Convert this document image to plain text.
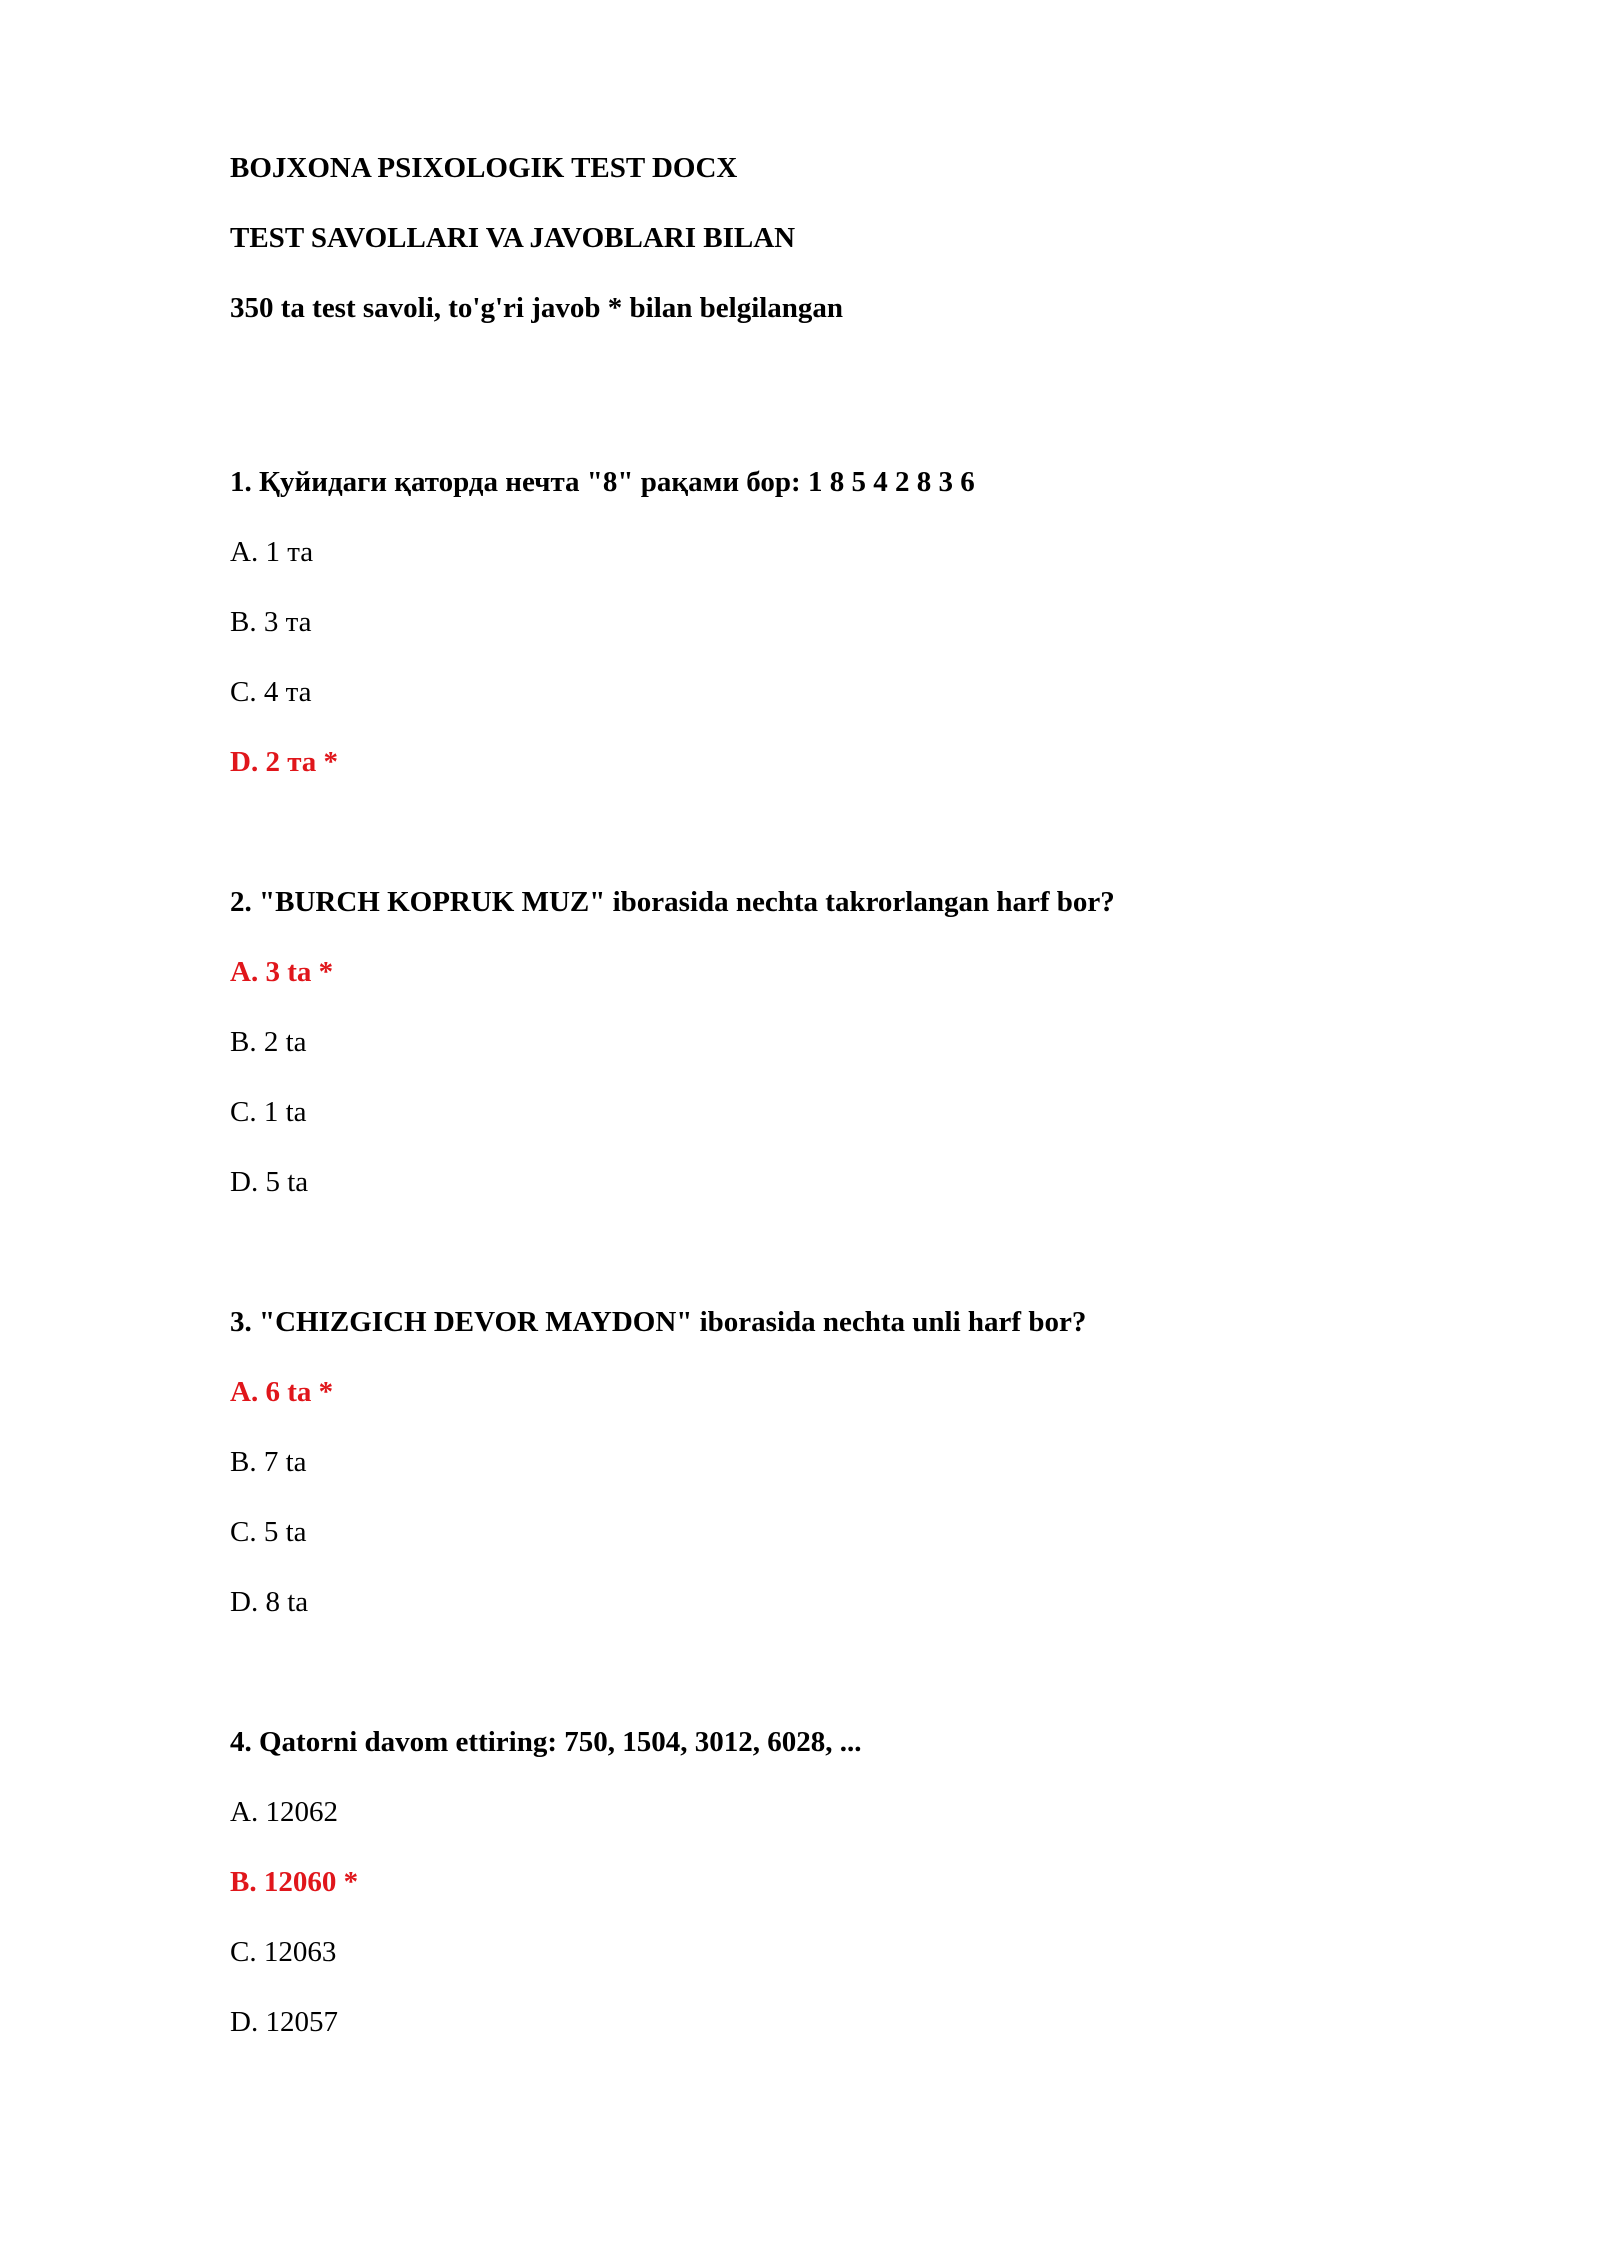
BOJXONA PSIXOLOGIK TEST DOCX

TEST SAVOLLARI VA JAVOBLARI BILAN

350 ta test savoli, to'g'ri javob * bilan belgilangan

1. Қуйидаги қаторда нечта "8" рақами бор: 1 8 5 4 2 8 3 6

A. 1 та

B. 3 та

C. 4 та

D. 2 та *

2. "BURCH KOPRUK MUZ" iborasida nechta takrorlangan harf bor?

A. 3 ta *

B. 2 ta

C. 1 ta

D. 5 ta

3. "CHIZGICH DEVOR MAYDON" iborasida nechta unli harf bor?

A. 6 ta *

B. 7 ta

C. 5 ta

D. 8 ta

4. Qatorni davom ettiring: 750, 1504, 3012, 6028, ...

A. 12062

B. 12060 *

C. 12063

D. 12057
